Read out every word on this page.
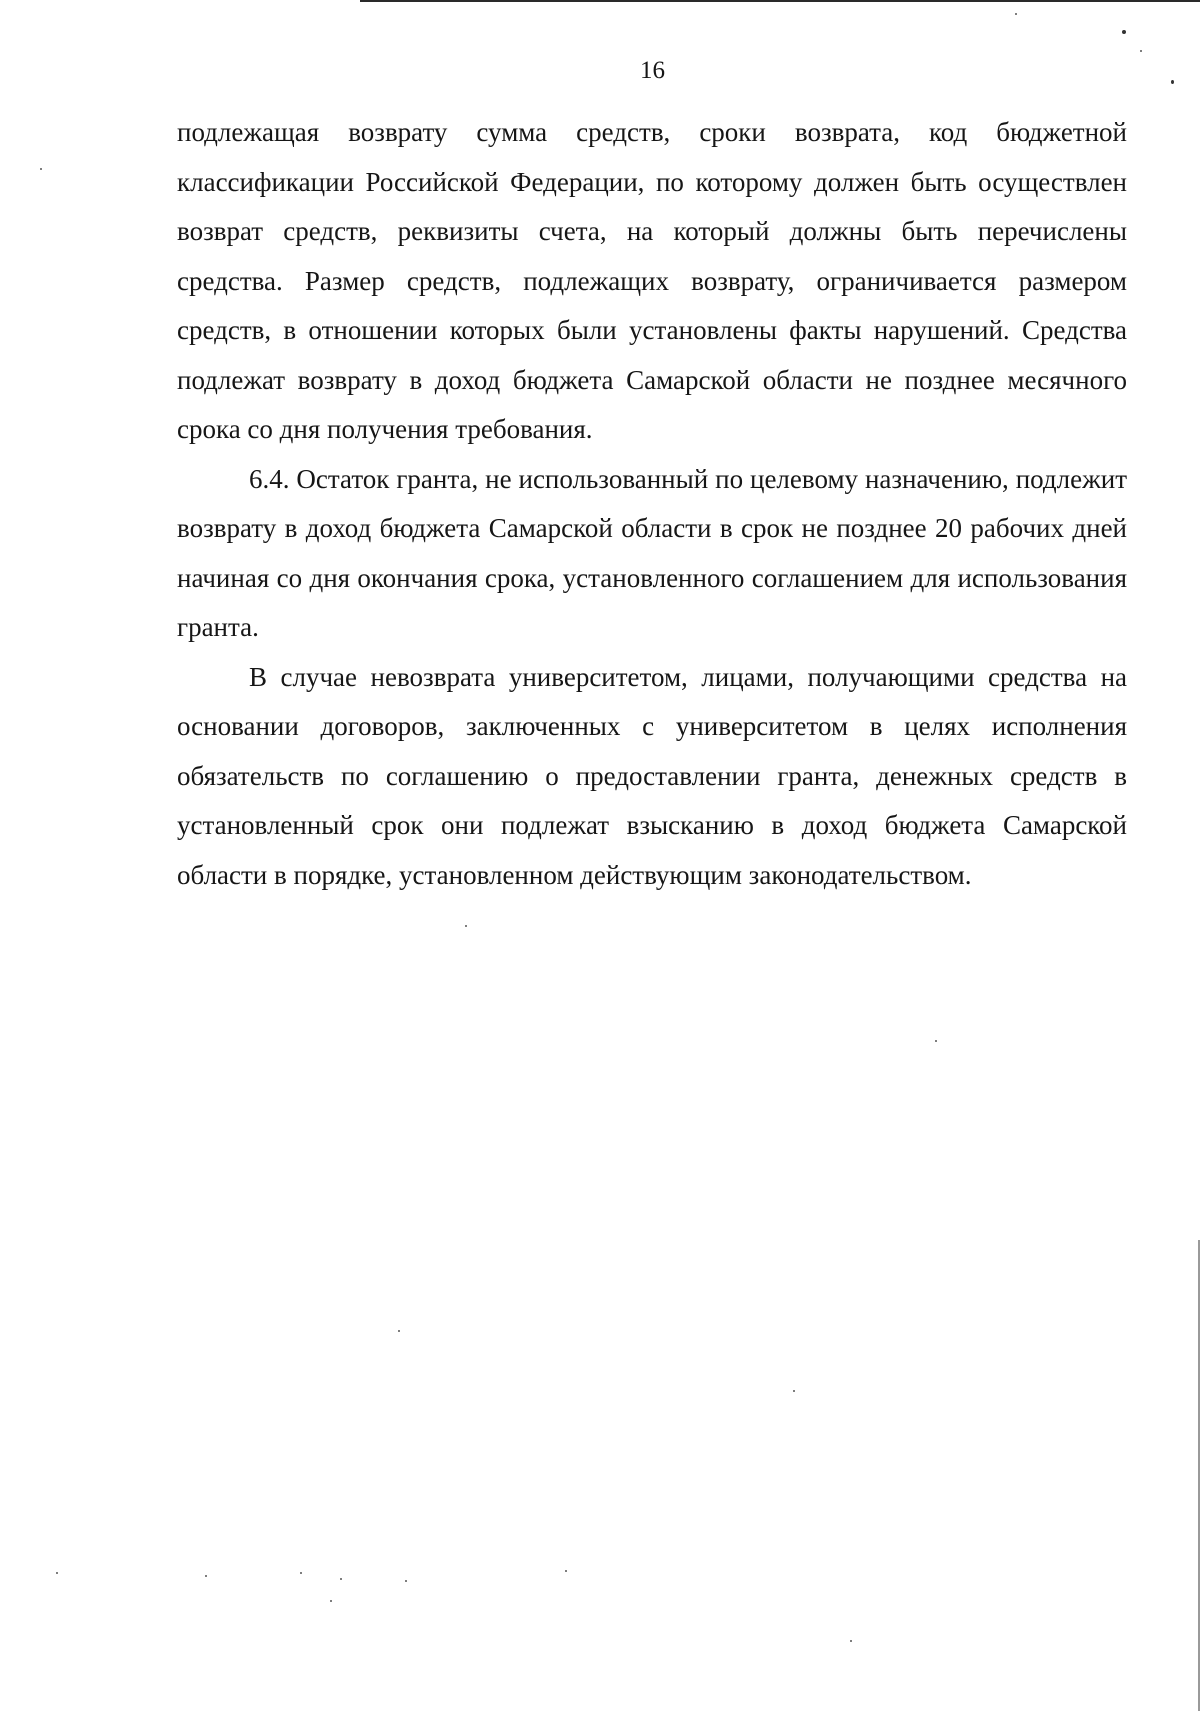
16

подлежащая возврату сумма средств, сроки возврата, код бюджетной классификации Российской Федерации, по которому должен быть осуществлен возврат средств, реквизиты счета, на который должны быть перечислены средства. Размер средств, подлежащих возврату, ограничивается размером средств, в отношении которых были установлены факты нарушений. Средства подлежат возврату в доход бюджета Самарской области не позднее месячного срока со дня получения требования.

6.4. Остаток гранта, не использованный по целевому назначению, подлежит возврату в доход бюджета Самарской области в срок не позднее 20 рабочих дней начиная со дня окончания срока, установленного соглашением для использования гранта.

В случае невозврата университетом, лицами, получающими средства на основании договоров, заключенных с университетом в целях исполнения обязательств по соглашению о предоставлении гранта, денежных средств в установленный срок они подлежат взысканию в доход бюджета Самарской области в порядке, установленном действующим законодательством.
